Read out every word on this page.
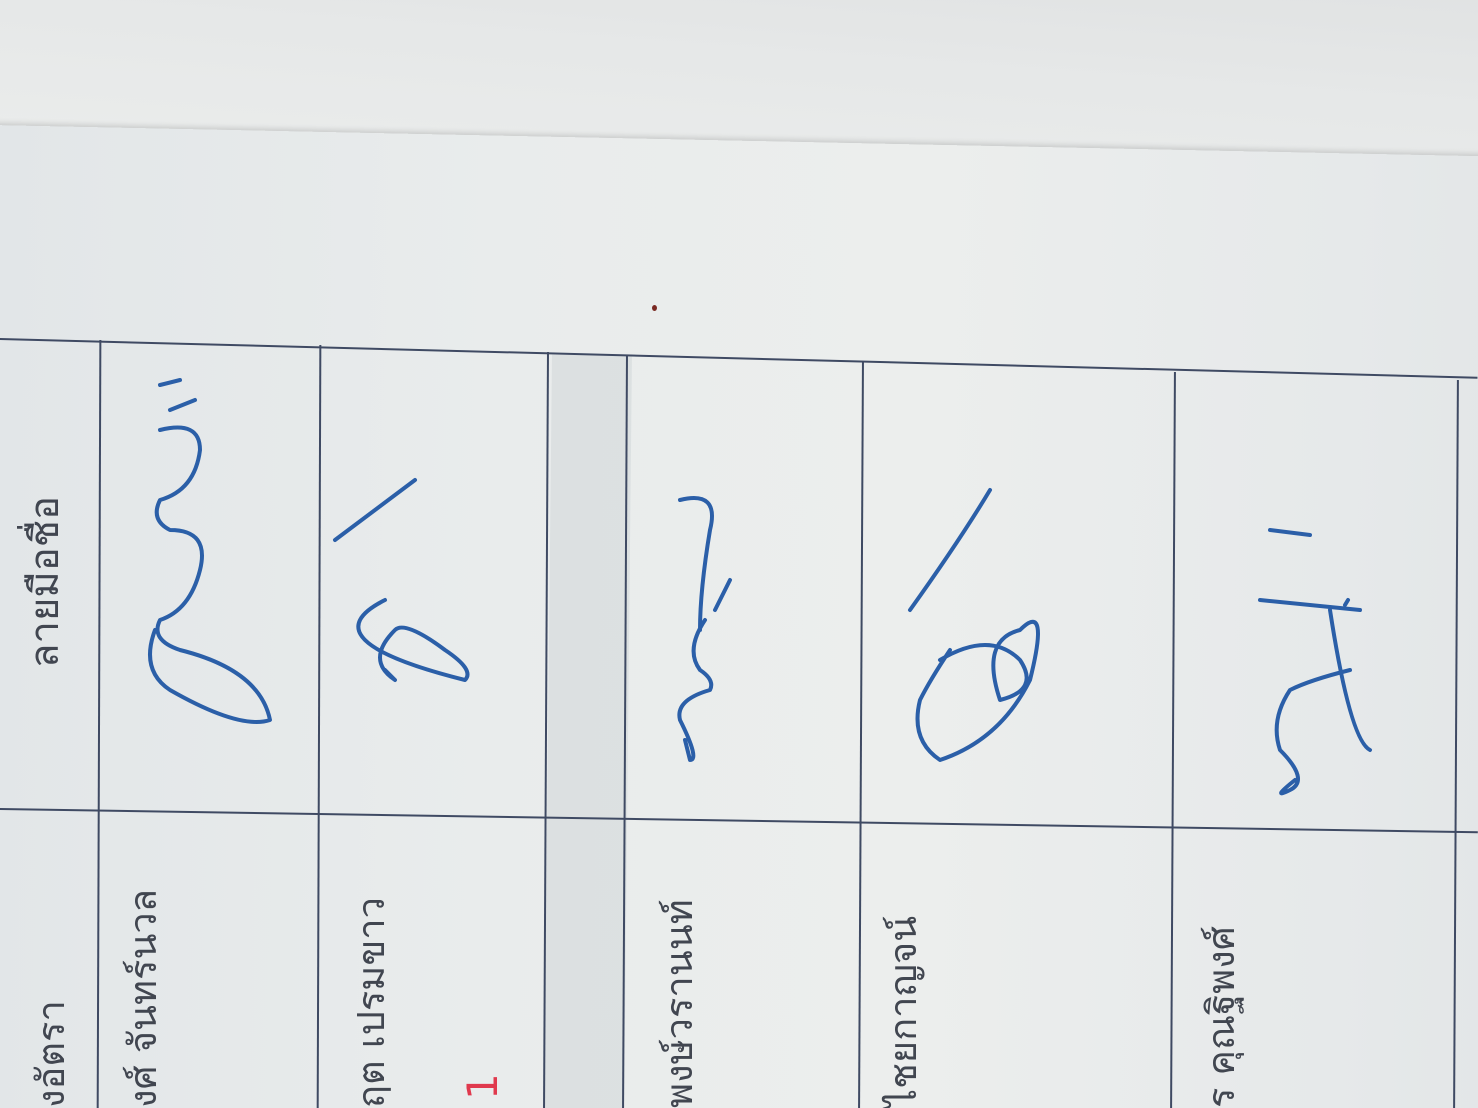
ลายมือชื่อ
งอัตรา งศ์ จันทร์นวล	ฤต เปรมขาว	พงษ์วรานนท์	ไชยกาญจน์	ร คุณฐิพงศ์
1
